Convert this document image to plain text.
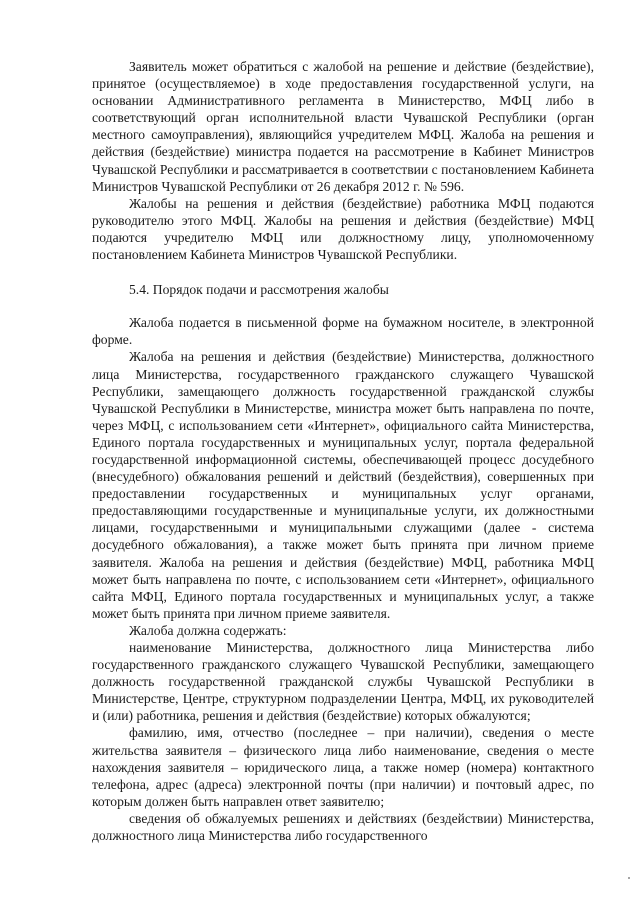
Заявитель может обратиться с жалобой на решение и действие (бездействие), принятое (осуществляемое) в ходе предоставления государственной услуги, на основании Административного регламента в Министерство, МФЦ либо в соответствующий орган исполнительной власти Чувашской Республики (орган местного самоуправления), являющийся учредителем МФЦ. Жалоба на решения и действия (бездействие) министра подается на рассмотрение в Кабинет Министров Чувашской Республики и рассматривается в соответствии с постановлением Кабинета Министров Чувашской Республики от 26 декабря 2012 г. № 596.

Жалобы на решения и действия (бездействие) работника МФЦ подаются руководителю этого МФЦ. Жалобы на решения и действия (бездействие) МФЦ подаются учредителю МФЦ или должностному лицу, уполномоченному постановлением Кабинета Министров Чувашской Республики.

5.4. Порядок подачи и рассмотрения жалобы

Жалоба подается в письменной форме на бумажном носителе, в электронной форме.

Жалоба на решения и действия (бездействие) Министерства, должностного лица Министерства, государственного гражданского служащего Чувашской Республики, замещающего должность государственной гражданской службы Чувашской Республики в Министерстве, министра может быть направлена по почте, через МФЦ, с использованием сети «Интернет», официального сайта Министерства, Единого портала государственных и муниципальных услуг, портала федеральной государственной информационной системы, обеспечивающей процесс досудебного (внесудебного) обжалования решений и действий (бездействия), совершенных при предоставлении государственных и муниципальных услуг органами, предоставляющими государственные и муниципальные услуги, их должностными лицами, государственными и муниципальными служащими (далее - система досудебного обжалования), а также может быть принята при личном приеме заявителя. Жалоба на решения и действия (бездействие) МФЦ, работника МФЦ может быть направлена по почте, с использованием сети «Интернет», официального сайта МФЦ, Единого портала государственных и муниципальных услуг, а также может быть принята при личном приеме заявителя.

Жалоба должна содержать:

наименование Министерства, должностного лица Министерства либо государственного гражданского служащего Чувашской Республики, замещающего должность государственной гражданской службы Чувашской Республики в Министерстве, Центре, структурном подразделении Центра, МФЦ, их руководителей и (или) работника, решения и действия (бездействие) которых обжалуются;

фамилию, имя, отчество (последнее – при наличии), сведения о месте жительства заявителя – физического лица либо наименование, сведения о месте нахождения заявителя – юридического лица, а также номер (номера) контактного телефона, адрес (адреса) электронной почты (при наличии) и почтовый адрес, по которым должен быть направлен ответ заявителю;

сведения об обжалуемых решениях и действиях (бездействии) Министерства, должностного лица Министерства либо государственного
